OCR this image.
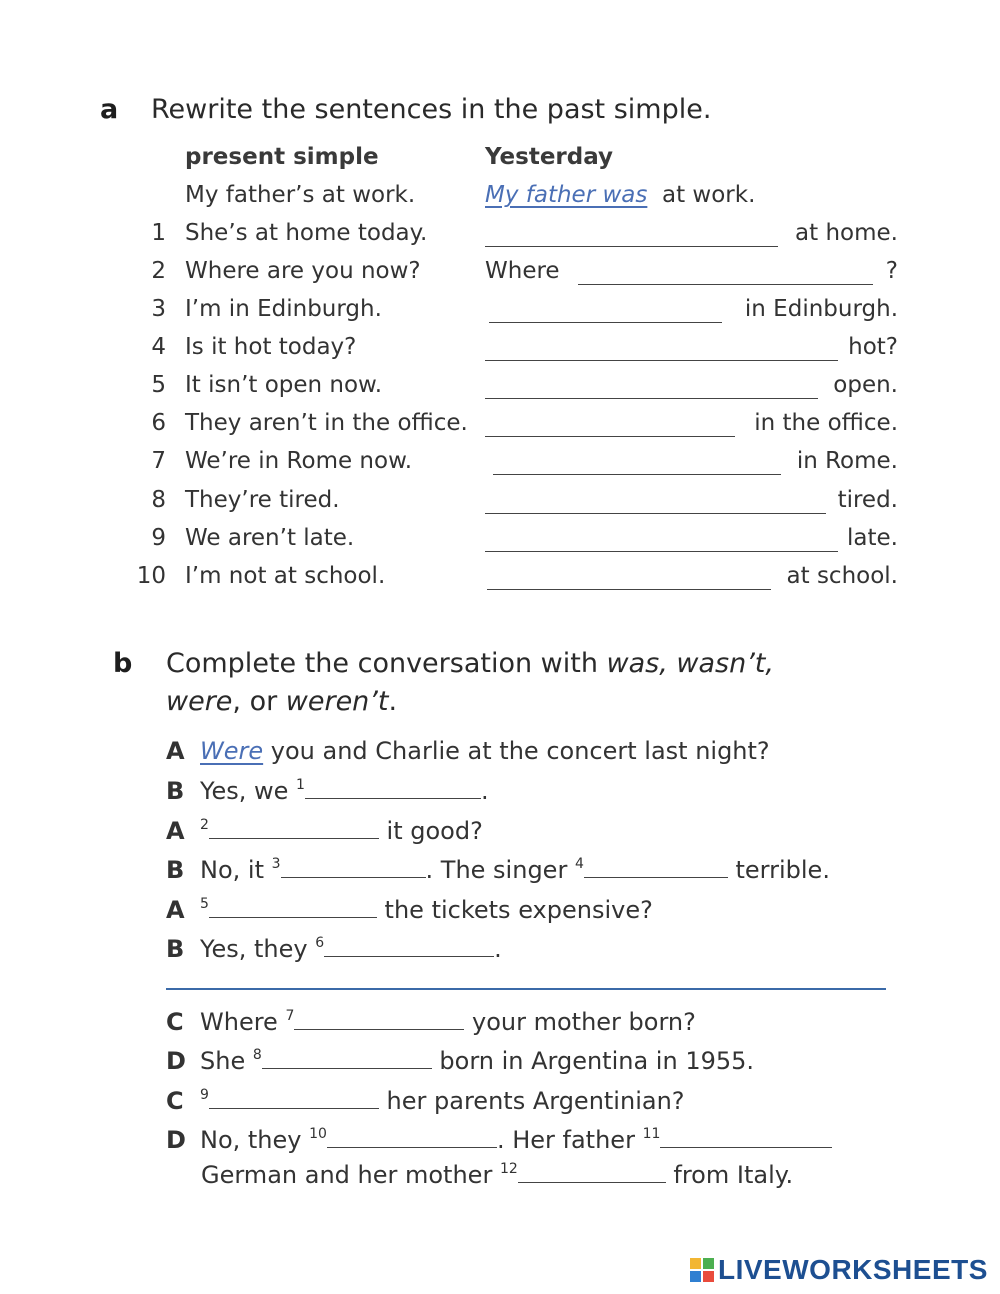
a Rewrite the sentences in the past simple.
present simple	Yesterday
My father’s at work.	My father was at work.
1 She’s at home today.	at home.
2 Where are you now?	Where	?
3 I’m in Edinburgh.	in Edinburgh.
4 Is it hot today?	hot?
5 It isn’t open now.	open.
6 They aren’t in the office.	in the office.
7 We’re in Rome now.	in Rome.
8 They’re tired.	tired.
9 We aren’t late.	late.
10 I’m not at school.	at school.
b Complete the conversation with was, wasn’t,
were, or weren’t.
A Were you and Charlie at the concert last night?
B Yes, we $^1$	.
A $^2$	it good?
B No, it $^3$	. The singer $^4$	terrible.
A $^5$	the tickets expensive?
B Yes, they $^6$	.
C Where $^7$	your mother born?
D She $^8$	born in Argentina in 1955.
C $^9$	her parents Argentinian?
D No, they $^{10}$	. Her father $^{11}$
German and her mother $^{12}$	from Italy.
LIVEWORKSHEETS
